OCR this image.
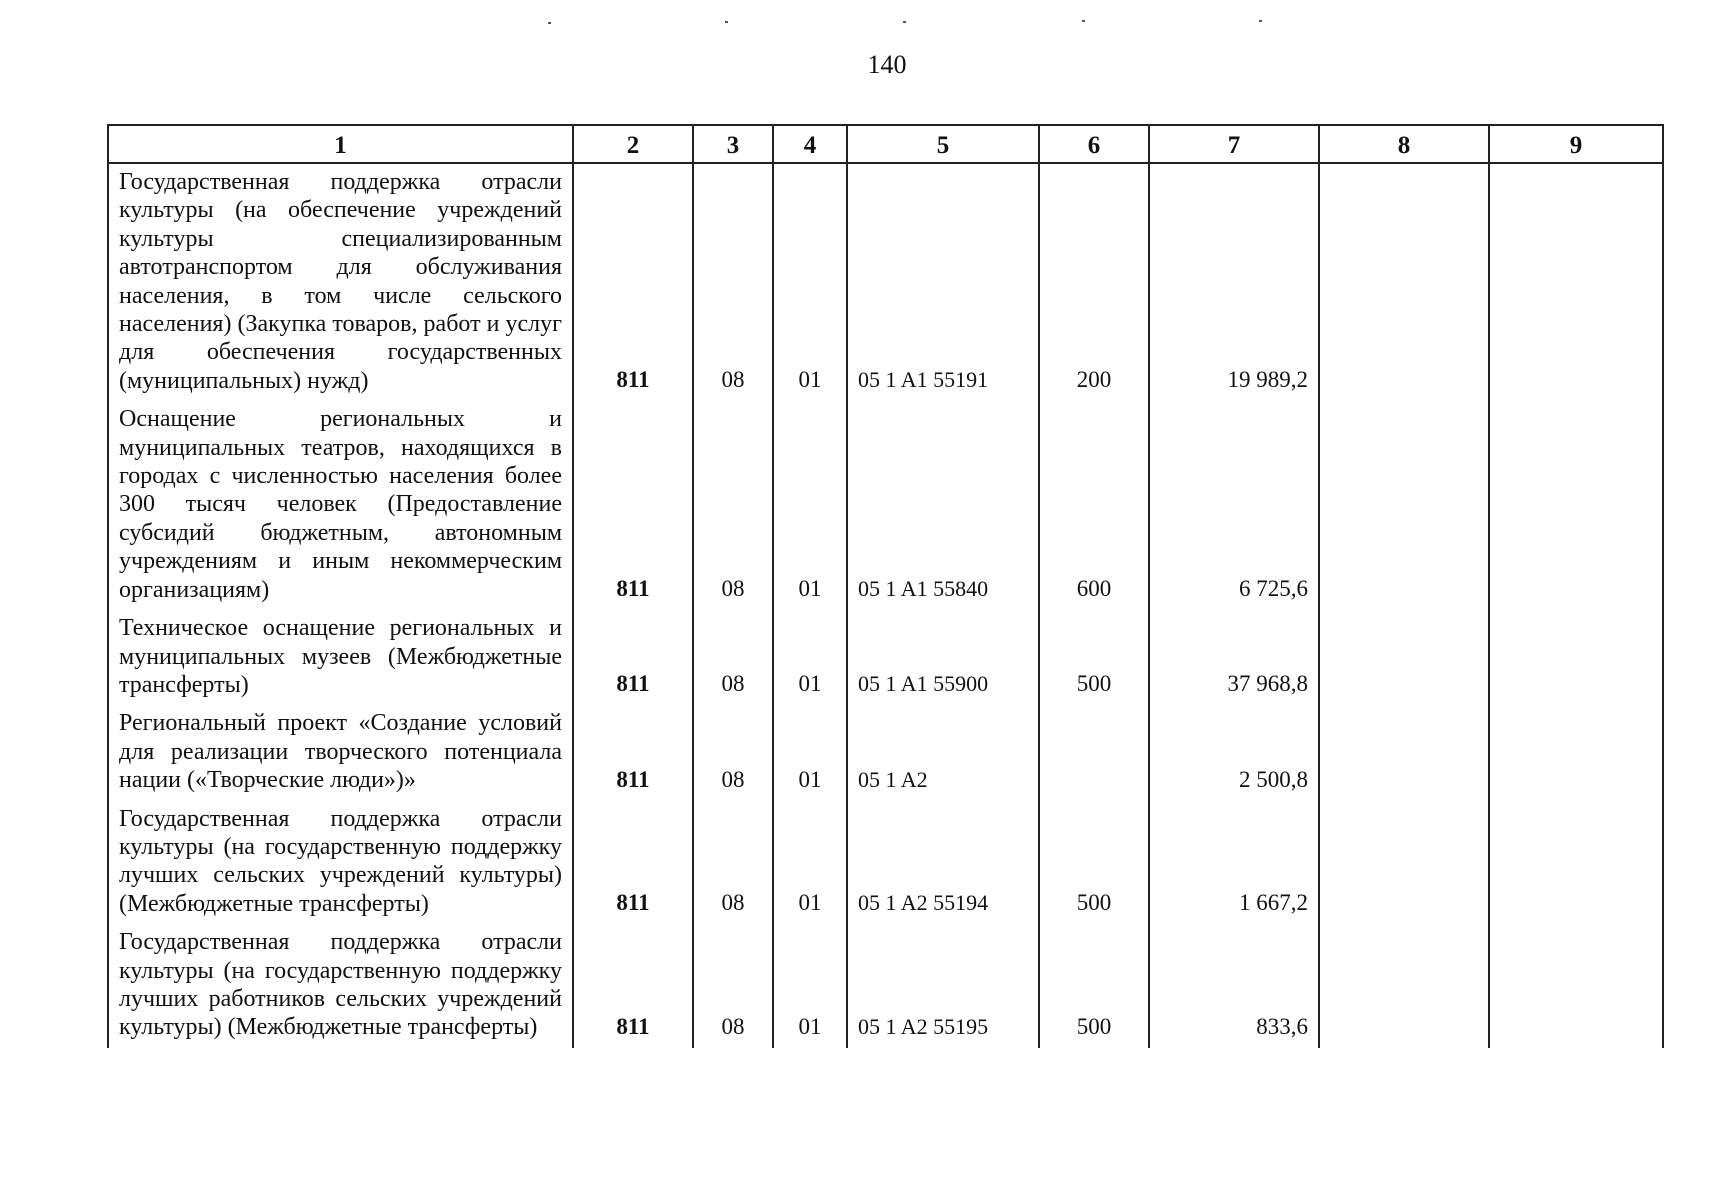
140
1	2	3	4	5	6	7	8	9
Государственная поддержка отрасли культуры (на обеспечение учреждений культуры специализированным автотранспортом для обслуживания населения, в том числе сельского населения) (Закупка товаров, работ и услуг для обеспечения государственных (муниципальных) нужд)	811	08	01	05 1 A1 55191	200	19 989,2		
Оснащение региональных и муниципальных театров, находящихся в городах с численностью населения более 300 тысяч человек (Предоставление субсидий бюджетным, автономным учреждениям и иным некоммерческим организациям)	811	08	01	05 1 A1 55840	600	6 725,6		
Техническое оснащение региональных и муниципальных музеев (Межбюджетные трансферты)	811	08	01	05 1 A1 55900	500	37 968,8		
Региональный проект «Создание условий для реализации творческого потенциала нации («Творческие люди»)»	811	08	01	05 1 A2		2 500,8		
Государственная поддержка отрасли культуры (на государственную поддержку лучших сельских учреждений культуры) (Межбюджетные трансферты)	811	08	01	05 1 A2 55194	500	1 667,2		
Государственная поддержка отрасли культуры (на государственную поддержку лучших работников сельских учреждений культуры) (Межбюджетные трансферты)	811	08	01	05 1 A2 55195	500	833,6		
